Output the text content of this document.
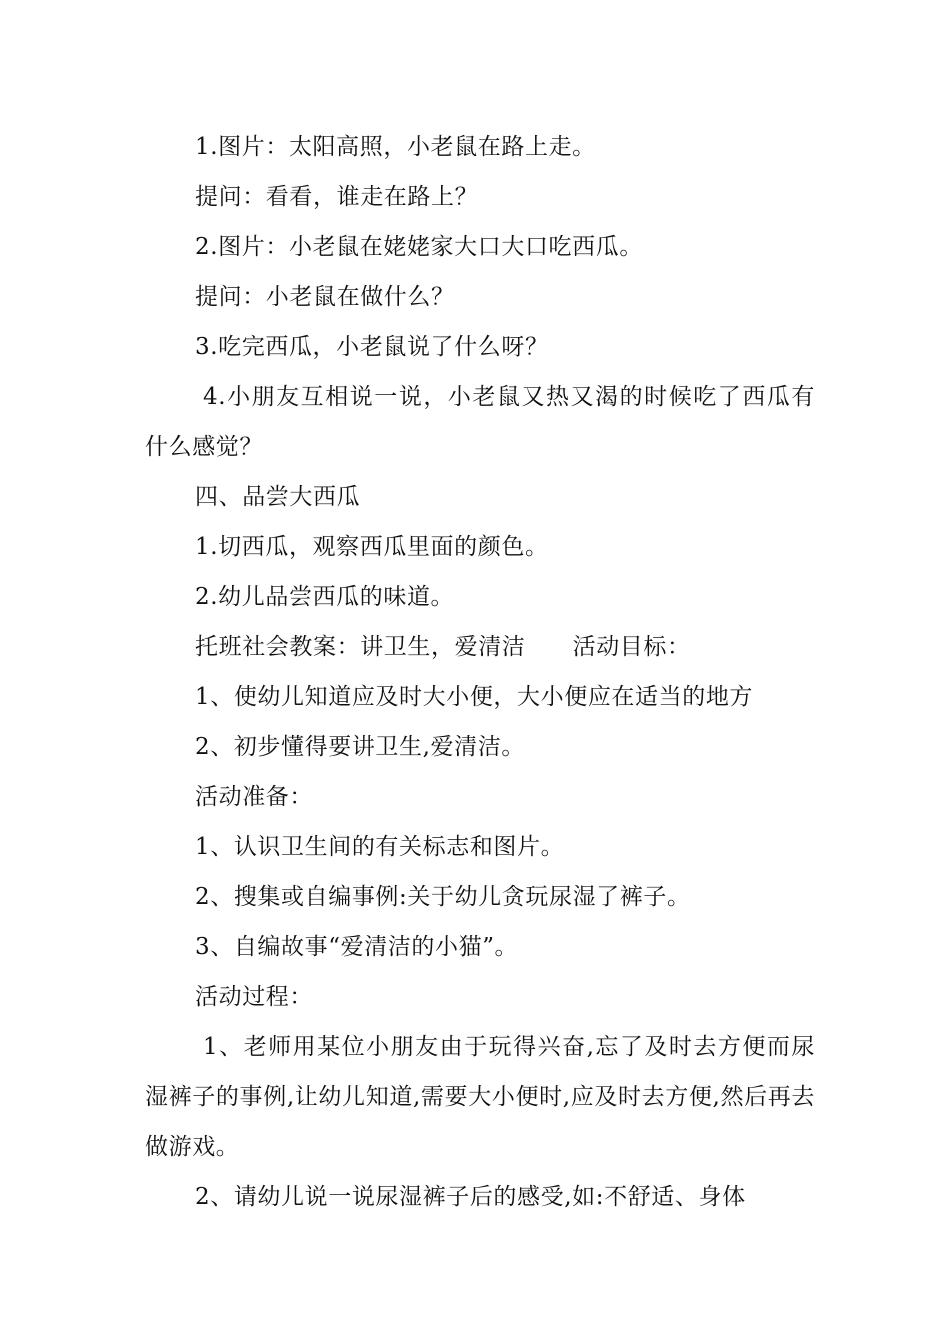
1.图片：太阳高照，小老鼠在路上走。

提问：看看，谁走在路上？

2.图片：小老鼠在姥姥家大口大口吃西瓜。

提问：小老鼠在做什么？

3.吃完西瓜，小老鼠说了什么呀？

4.小朋友互相说一说，小老鼠又热又渴的时候吃了西瓜有什么感觉？

四、品尝大西瓜

1.切西瓜，观察西瓜里面的颜色。

2.幼儿品尝西瓜的味道。

托班社会教案：讲卫生，爱清洁　　活动目标：

1、使幼儿知道应及时大小便，大小便应在适当的地方

2、初步懂得要讲卫生,爱清洁。

活动准备：

1、认识卫生间的有关标志和图片。

2、搜集或自编事例:关于幼儿贪玩尿湿了裤子。

3、自编故事“爱清洁的小猫”。

活动过程：

1、老师用某位小朋友由于玩得兴奋,忘了及时去方便而尿湿裤子的事例,让幼儿知道,需要大小便时,应及时去方便,然后再去做游戏。

2、请幼儿说一说尿湿裤子后的感受,如:不舒适、身体
